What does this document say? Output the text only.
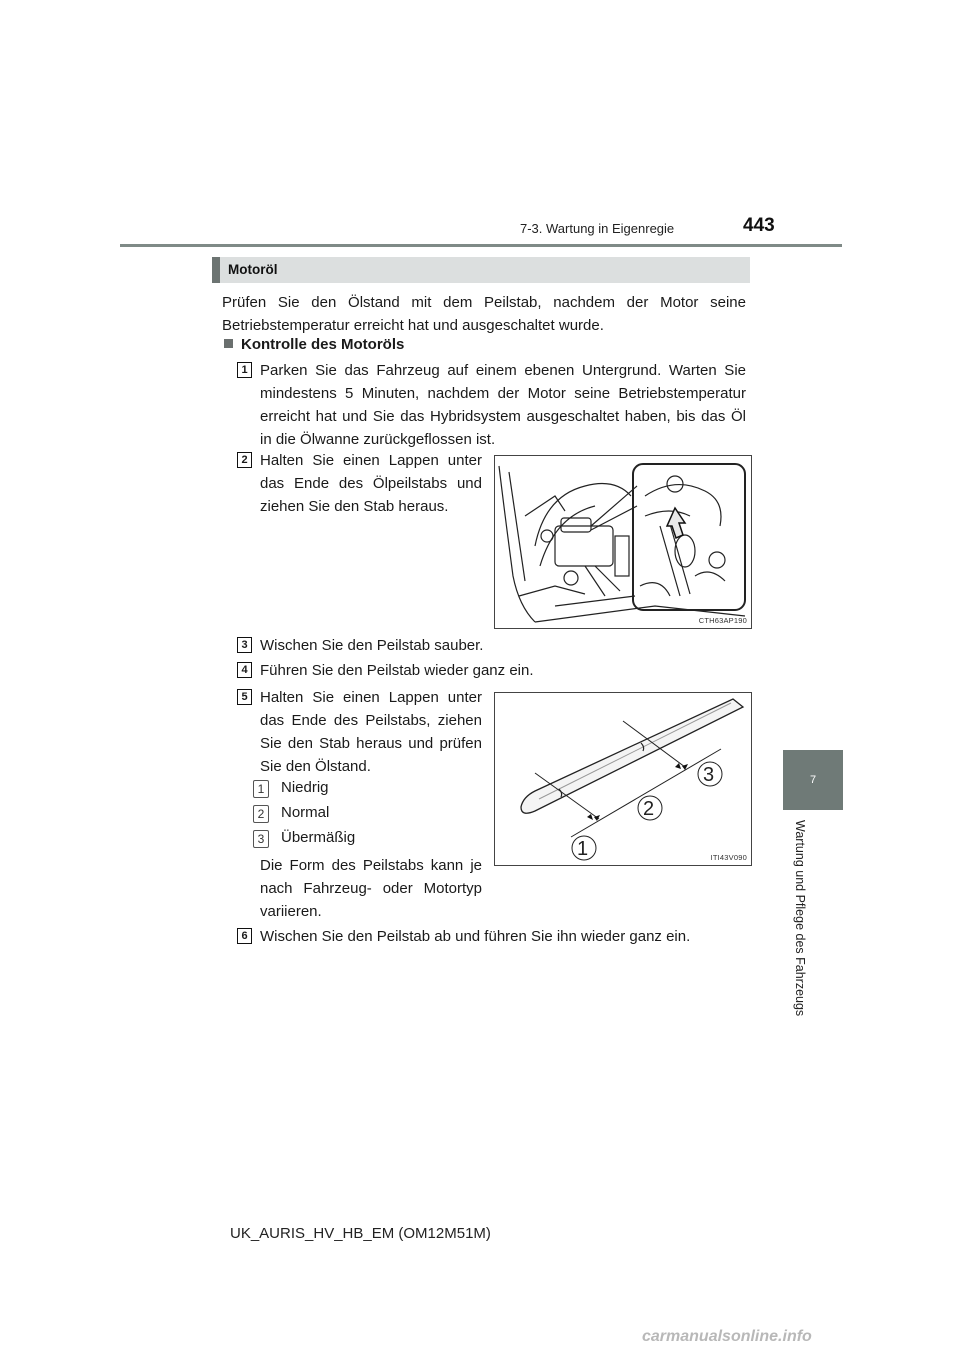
7-3. Wartung in Eigenregie	443
7
Wartung und Pflege des Fahrzeugs
Motoröl
Prüfen Sie den Ölstand mit dem Peilstab, nachdem der Motor seine Betriebstemperatur erreicht hat und ausgeschaltet wurde.
Kontrolle des Motoröls
1 Parken Sie das Fahrzeug auf einem ebenen Untergrund. Warten Sie mindestens 5 Minuten, nachdem der Motor seine Betriebstemperatur erreicht hat und Sie das Hybridsystem ausgeschaltet haben, bis das Öl in die Ölwanne zurückgeflossen ist.
2 Halten Sie einen Lappen unter das Ende des Ölpeilstabs und ziehen Sie den Stab heraus.
CTH63AP190
3 Wischen Sie den Peilstab sauber.
4 Führen Sie den Peilstab wieder ganz ein.
5 Halten Sie einen Lappen unter das Ende des Peilstabs, ziehen Sie den Stab heraus und prüfen Sie den Ölstand.
1	Niedrig
2	Normal
3	Übermäßig
Die Form des Peilstabs kann je nach Fahrzeug- oder Motortyp variieren.
1
2
3
ITI43V090
6 Wischen Sie den Peilstab ab und führen Sie ihn wieder ganz ein.
UK_AURIS_HV_HB_EM (OM12M51M)
carmanualsonline.info
